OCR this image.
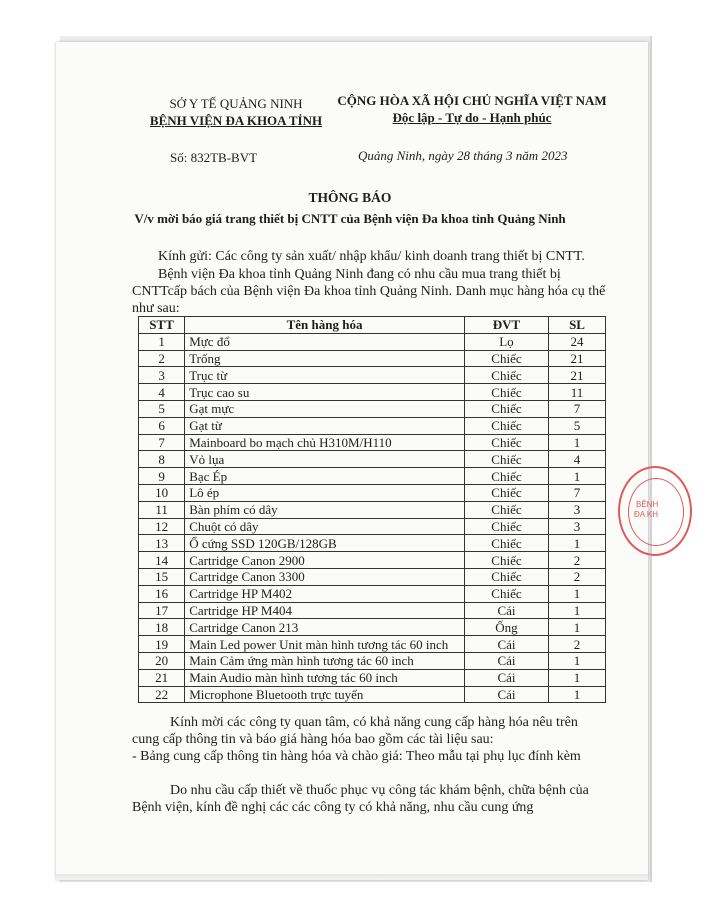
SỞ Y TẾ QUẢNG NINH
BỆNH VIỆN ĐA KHOA TỈNH
CỘNG HÒA XÃ HỘI CHỦ NGHĨA VIỆT NAM
Độc lập - Tự do - Hạnh phúc
Số: 832TB-BVT	Quảng Ninh, ngày 28 tháng 3 năm 2023
THÔNG BÁO
V/v mời báo giá trang thiết bị CNTT của Bệnh viện Đa khoa tỉnh Quảng Ninh
Kính gửi: Các công ty sản xuất/ nhập khẩu/ kinh doanh trang thiết bị CNTT.
Bệnh viện Đa khoa tỉnh Quảng Ninh đang có nhu cầu mua trang thiết bị CNTTcấp bách của Bệnh viện Đa khoa tỉnh Quảng Ninh. Danh mục hàng hóa cụ thể như sau:
STT	Tên hàng hóa	ĐVT	SL
1	Mực đổ	Lọ	24
2	Trống	Chiếc	21
3	Trục từ	Chiếc	21
4	Trục cao su	Chiếc	11
5	Gạt mực	Chiếc	7
6	Gạt từ	Chiếc	5
7	Mainboard bo mạch chủ H310M/H110	Chiếc	1
8	Vỏ lụa	Chiếc	4
9	Bạc Ép	Chiếc	1
10	Lô ép	Chiếc	7
11	Bàn phím có dây	Chiếc	3
12	Chuột có dây	Chiếc	3
13	Ổ cứng SSD 120GB/128GB	Chiếc	1
14	Cartridge Canon 2900	Chiếc	2
15	Cartridge Canon 3300	Chiếc	2
16	Cartridge HP M402	Chiếc	1
17	Cartridge HP M404	Cái	1
18	Cartridge Canon 213	Ống	1
19	Main Led power Unit màn hình tương tác 60 inch	Cái	2
20	Main Cảm ứng màn hình tương tác 60 inch	Cái	1
21	Main Audio màn hình tương tác 60 inch	Cái	1
22	Microphone Bluetooth trực tuyến	Cái	1
BỆNH
ĐA KH
Kính mời các công ty quan tâm, có khả năng cung cấp hàng hóa nêu trên cung cấp thông tin và báo giá hàng hóa bao gồm các tài liệu sau:
- Bảng cung cấp thông tin hàng hóa và chào giá: Theo mẫu tại phụ lục đính kèm
Do nhu cầu cấp thiết về thuốc phục vụ công tác khám bệnh, chữa bệnh của Bệnh viện, kính đề nghị các các công ty có khả năng, nhu cầu cung ứng
